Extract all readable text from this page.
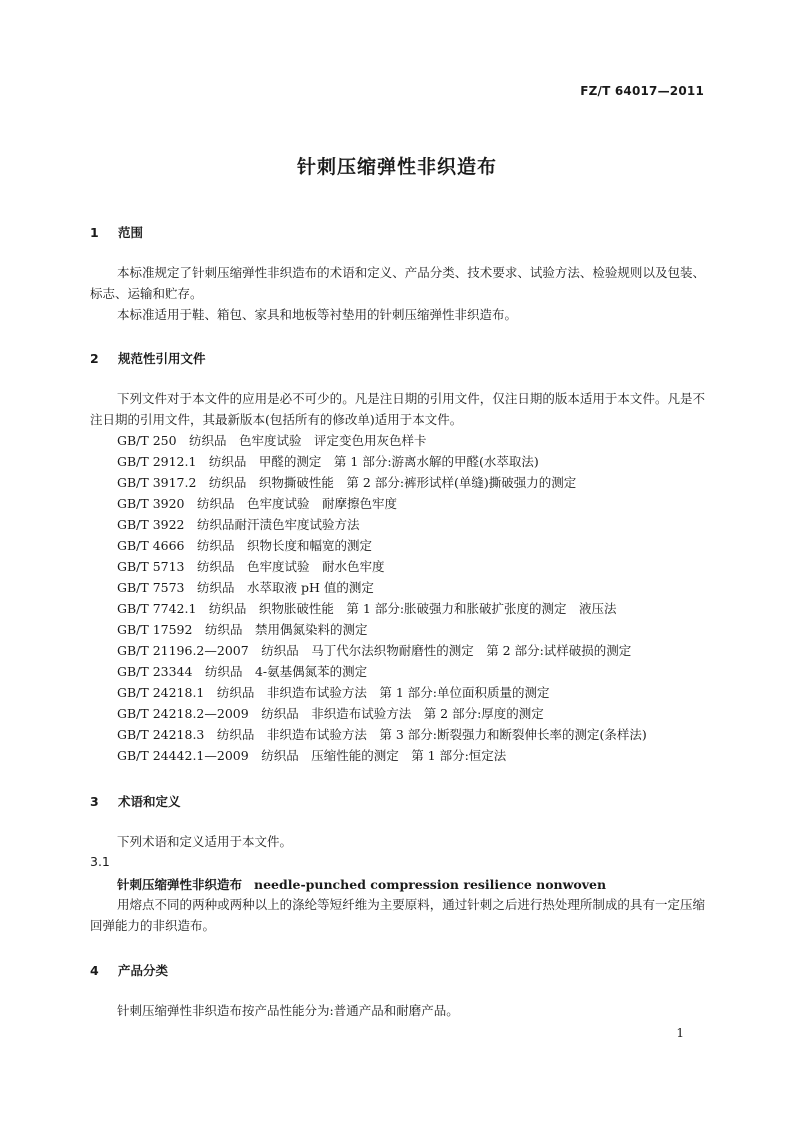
FZ/T 64017—2011
针刺压缩弹性非织造布
1 范围
本标准规定了针刺压缩弹性非织造布的术语和定义、产品分类、技术要求、试验方法、检验规则以及包装、标志、运输和贮存。
本标准适用于鞋、箱包、家具和地板等衬垫用的针刺压缩弹性非织造布。
2 规范性引用文件
下列文件对于本文件的应用是必不可少的。凡是注日期的引用文件，仅注日期的版本适用于本文件。凡是不注日期的引用文件，其最新版本(包括所有的修改单)适用于本文件。
GB/T 250　纺织品　色牢度试验　评定变色用灰色样卡
GB/T 2912.1　纺织品　甲醛的测定　第 1 部分:游离水解的甲醛(水萃取法)
GB/T 3917.2　纺织品　织物撕破性能　第 2 部分:裤形试样(单缝)撕破强力的测定
GB/T 3920　纺织品　色牢度试验　耐摩擦色牢度
GB/T 3922　纺织品耐汗渍色牢度试验方法
GB/T 4666　纺织品　织物长度和幅宽的测定
GB/T 5713　纺织品　色牢度试验　耐水色牢度
GB/T 7573　纺织品　水萃取液 pH 值的测定
GB/T 7742.1　纺织品　织物胀破性能　第 1 部分:胀破强力和胀破扩张度的测定　液压法
GB/T 17592　纺织品　禁用偶氮染料的测定
GB/T 21196.2—2007　纺织品　马丁代尔法织物耐磨性的测定　第 2 部分:试样破损的测定
GB/T 23344　纺织品　4-氨基偶氮苯的测定
GB/T 24218.1　纺织品　非织造布试验方法　第 1 部分:单位面积质量的测定
GB/T 24218.2—2009　纺织品　非织造布试验方法　第 2 部分:厚度的测定
GB/T 24218.3　纺织品　非织造布试验方法　第 3 部分:断裂强力和断裂伸长率的测定(条样法)
GB/T 24442.1—2009　纺织品　压缩性能的测定　第 1 部分:恒定法
3 术语和定义
下列术语和定义适用于本文件。
3.1
针刺压缩弹性非织造布 needle-punched compression resilience nonwoven
用熔点不同的两种或两种以上的涤纶等短纤维为主要原料，通过针刺之后进行热处理所制成的具有一定压缩回弹能力的非织造布。
4 产品分类
针刺压缩弹性非织造布按产品性能分为:普通产品和耐磨产品。
1
